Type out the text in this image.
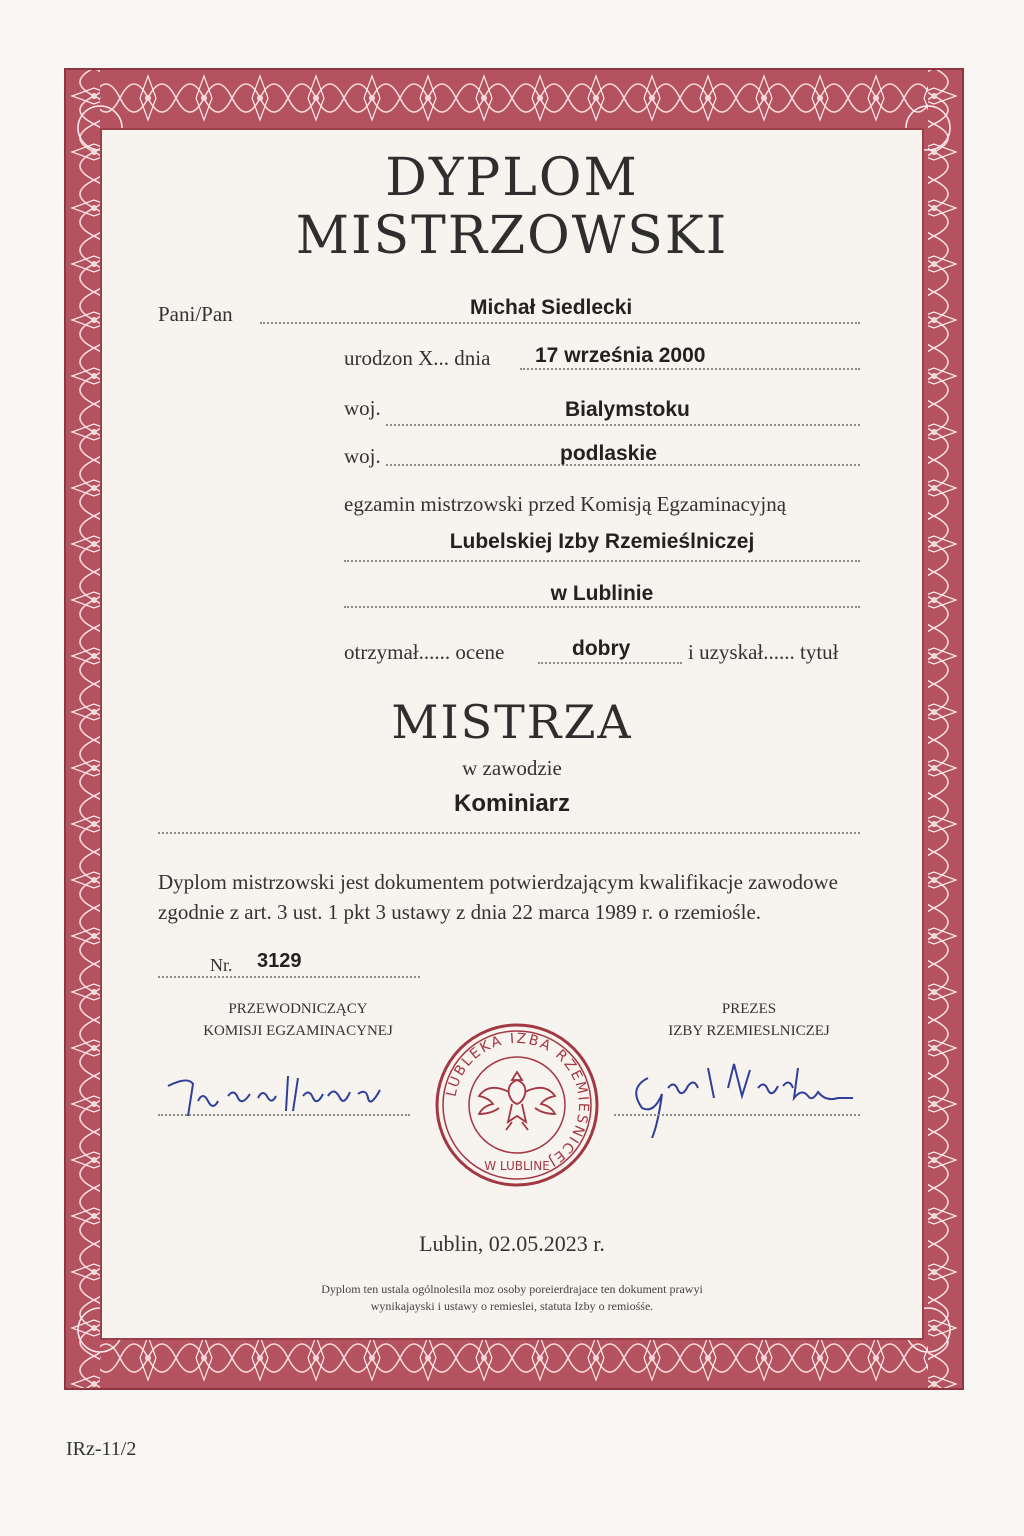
DYPLOM
MISTRZOWSKI
Pani/Pan	Michał Siedlecki
urodzon X... dnia 17 września 2000
woj.	Bialymstoku
woj.	podlaskie
egzamin mistrzowski przed Komisją Egzaminacyjną
Lubelskiej Izby Rzemieślniczej
w Lublinie
otrzymał...... ocene	dobry	i uzyskał...... tytuł
MISTRZA
w zawodzie
Kominiarz
Dyplom mistrzowski jest dokumentem potwierdzającym kwalifikacje zawodowe
zgodnie z art. 3 ust. 1 pkt 3 ustawy z dnia 22 marca 1989 r. o rzemiośle.
Nr. 3129
PRZEWODNICZĄCY
KOMISJI EGZAMINACYNEJ
PREZES
IZBY RZEMIESLNICZEJ
LUBLEKA IZBA RZEMIESNICEJ
W LUBLINE
Lublin, 02.05.2023 r.
Dyplom ten ustala ogólnolesila moz osoby poreierdrajace ten dokument prawyi
wynikajayski i ustawy o remieslei, statuta Izby o remiośśe.
IRz-11/2
